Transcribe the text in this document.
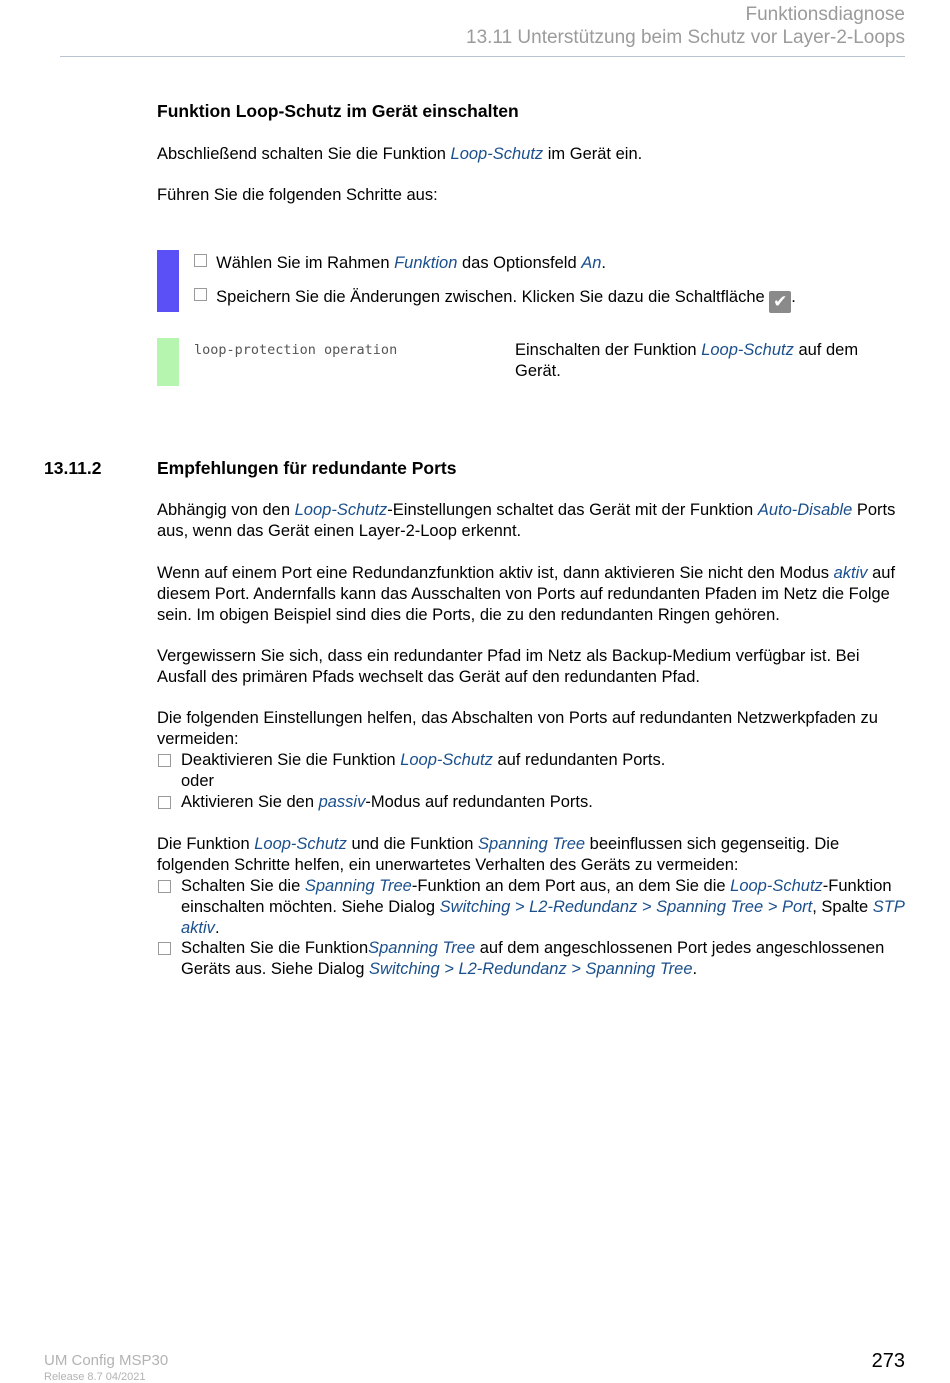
Funktionsdiagnose
13.11 Unterstützung beim Schutz vor Layer-2-Loops
Funktion Loop-Schutz im Gerät einschalten
Abschließend schalten Sie die Funktion Loop-Schutz im Gerät ein.
Führen Sie die folgenden Schritte aus:
Wählen Sie im Rahmen Funktion das Optionsfeld An.
Speichern Sie die Änderungen zwischen. Klicken Sie dazu die Schaltfläche ✔ .
loop-protection operation	Einschalten der Funktion Loop-Schutz auf dem Gerät.
13.11.2	Empfehlungen für redundante Ports
Abhängig von den Loop-Schutz-Einstellungen schaltet das Gerät mit der Funktion Auto-Disable Ports aus, wenn das Gerät einen Layer-2-Loop erkennt.
Wenn auf einem Port eine Redundanzfunktion aktiv ist, dann aktivieren Sie nicht den Modus aktiv auf diesem Port. Andernfalls kann das Ausschalten von Ports auf redundanten Pfaden im Netz die Folge sein. Im obigen Beispiel sind dies die Ports, die zu den redundanten Ringen gehören.
Vergewissern Sie sich, dass ein redundanter Pfad im Netz als Backup-Medium verfügbar ist. Bei Ausfall des primären Pfads wechselt das Gerät auf den redundanten Pfad.
Die folgenden Einstellungen helfen, das Abschalten von Ports auf redundanten Netzwerkpfaden zu vermeiden:
Deaktivieren Sie die Funktion Loop-Schutz auf redundanten Ports.
oder
Aktivieren Sie den passiv-Modus auf redundanten Ports.
Die Funktion Loop-Schutz und die Funktion Spanning Tree beeinflussen sich gegenseitig. Die folgenden Schritte helfen, ein unerwartetes Verhalten des Geräts zu vermeiden:
Schalten Sie die Spanning Tree-Funktion an dem Port aus, an dem Sie die Loop-Schutz-Funktion einschalten möchten. Siehe Dialog Switching > L2-Redundanz > Spanning Tree > Port, Spalte STP aktiv.
Schalten Sie die FunktionSpanning Tree auf dem angeschlossenen Port jedes angeschlossenen Geräts aus. Siehe Dialog Switching > L2-Redundanz > Spanning Tree.
UM Config MSP30
Release 8.7 04/2021
273
